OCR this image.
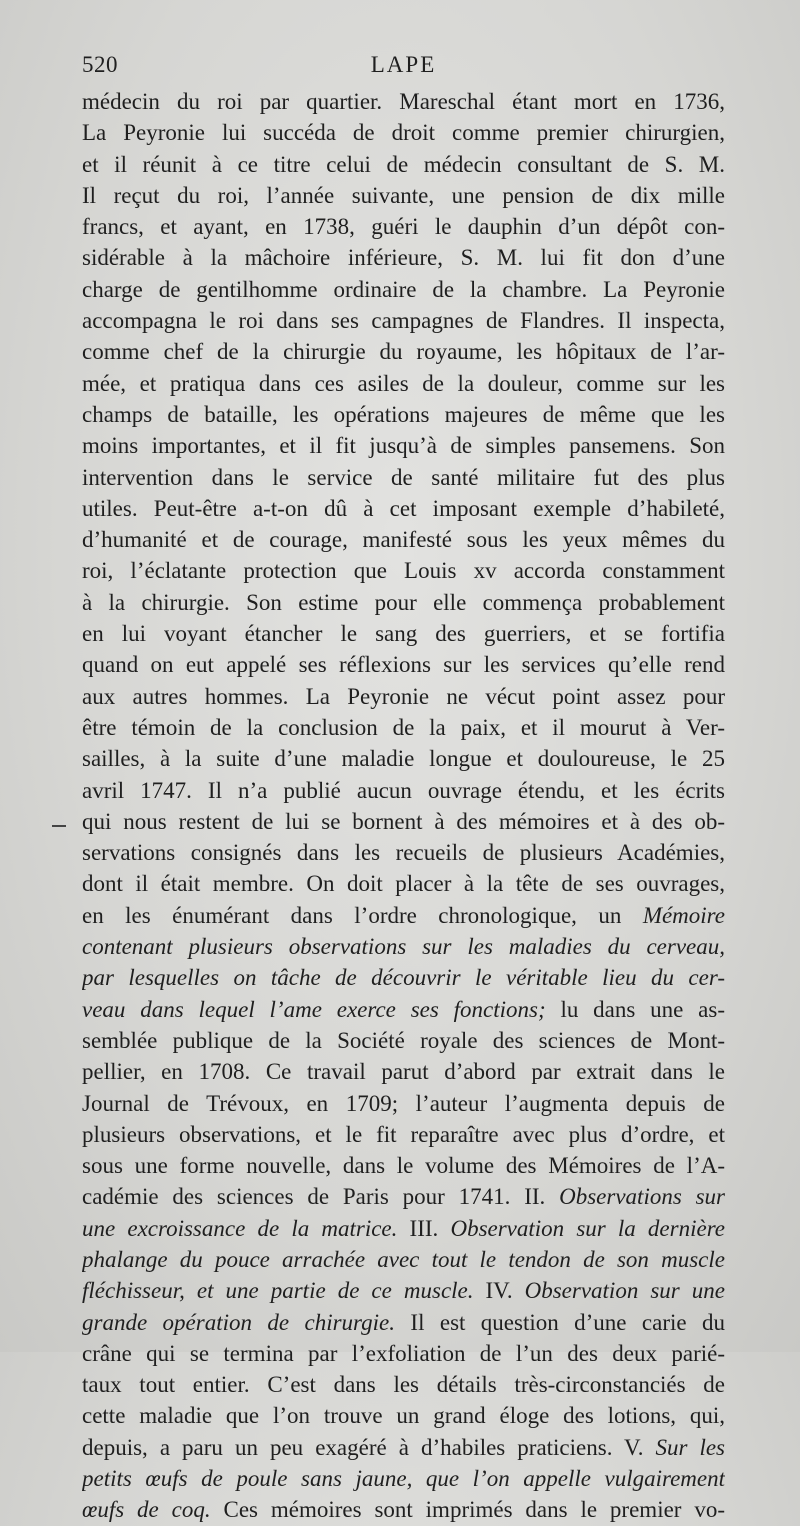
520	LAPE
médecin du roi par quartier. Mareschal étant mort en 1736,
La Peyronie lui succéda de droit comme premier chirurgien,
et il réunit à ce titre celui de médecin consultant de S. M.
Il reçut du roi, l’année suivante, une pension de dix mille
francs, et ayant, en 1738, guéri le dauphin d’un dépôt con-
sidérable à la mâchoire inférieure, S. M. lui fit don d’une
charge de gentilhomme ordinaire de la chambre. La Peyronie
accompagna le roi dans ses campagnes de Flandres. Il inspecta,
comme chef de la chirurgie du royaume, les hôpitaux de l’ar-
mée, et pratiqua dans ces asiles de la douleur, comme sur les
champs de bataille, les opérations majeures de même que les
moins importantes, et il fit jusqu’à de simples pansemens. Son
intervention dans le service de santé militaire fut des plus
utiles. Peut-être a-t-on dû à cet imposant exemple d’habileté,
d’humanité et de courage, manifesté sous les yeux mêmes du
roi, l’éclatante protection que Louis xv accorda constamment
à la chirurgie. Son estime pour elle commença probablement
en lui voyant étancher le sang des guerriers, et se fortifia
quand on eut appelé ses réflexions sur les services qu’elle rend
aux autres hommes. La Peyronie ne vécut point assez pour
être témoin de la conclusion de la paix, et il mourut à Ver-
sailles, à la suite d’une maladie longue et douloureuse, le 25
avril 1747. Il n’a publié aucun ouvrage étendu, et les écrits
qui nous restent de lui se bornent à des mémoires et à des ob-
servations consignés dans les recueils de plusieurs Académies,
dont il était membre. On doit placer à la tête de ses ouvrages,
en les énumérant dans l’ordre chronologique, un Mémoire
contenant plusieurs observations sur les maladies du cerveau,
par lesquelles on tâche de découvrir le véritable lieu du cer-
veau dans lequel l’ame exerce ses fonctions; lu dans une as-
semblée publique de la Société royale des sciences de Mont-
pellier, en 1708. Ce travail parut d’abord par extrait dans le
Journal de Trévoux, en 1709; l’auteur l’augmenta depuis de
plusieurs observations, et le fit reparaître avec plus d’ordre, et
sous une forme nouvelle, dans le volume des Mémoires de l’A-
cadémie des sciences de Paris pour 1741. II. Observations sur
une excroissance de la matrice. III. Observation sur la dernière
phalange du pouce arrachée avec tout le tendon de son muscle
fléchisseur, et une partie de ce muscle. IV. Observation sur une
grande opération de chirurgie. Il est question d’une carie du
crâne qui se termina par l’exfoliation de l’un des deux parié-
taux tout entier. C’est dans les détails très-circonstanciés de
cette maladie que l’on trouve un grand éloge des lotions, qui,
depuis, a paru un peu exagéré à d’habiles praticiens. V. Sur les
petits œufs de poule sans jaune, que l’on appelle vulgairement
œufs de coq. Ces mémoires sont imprimés dans le premier vo-
